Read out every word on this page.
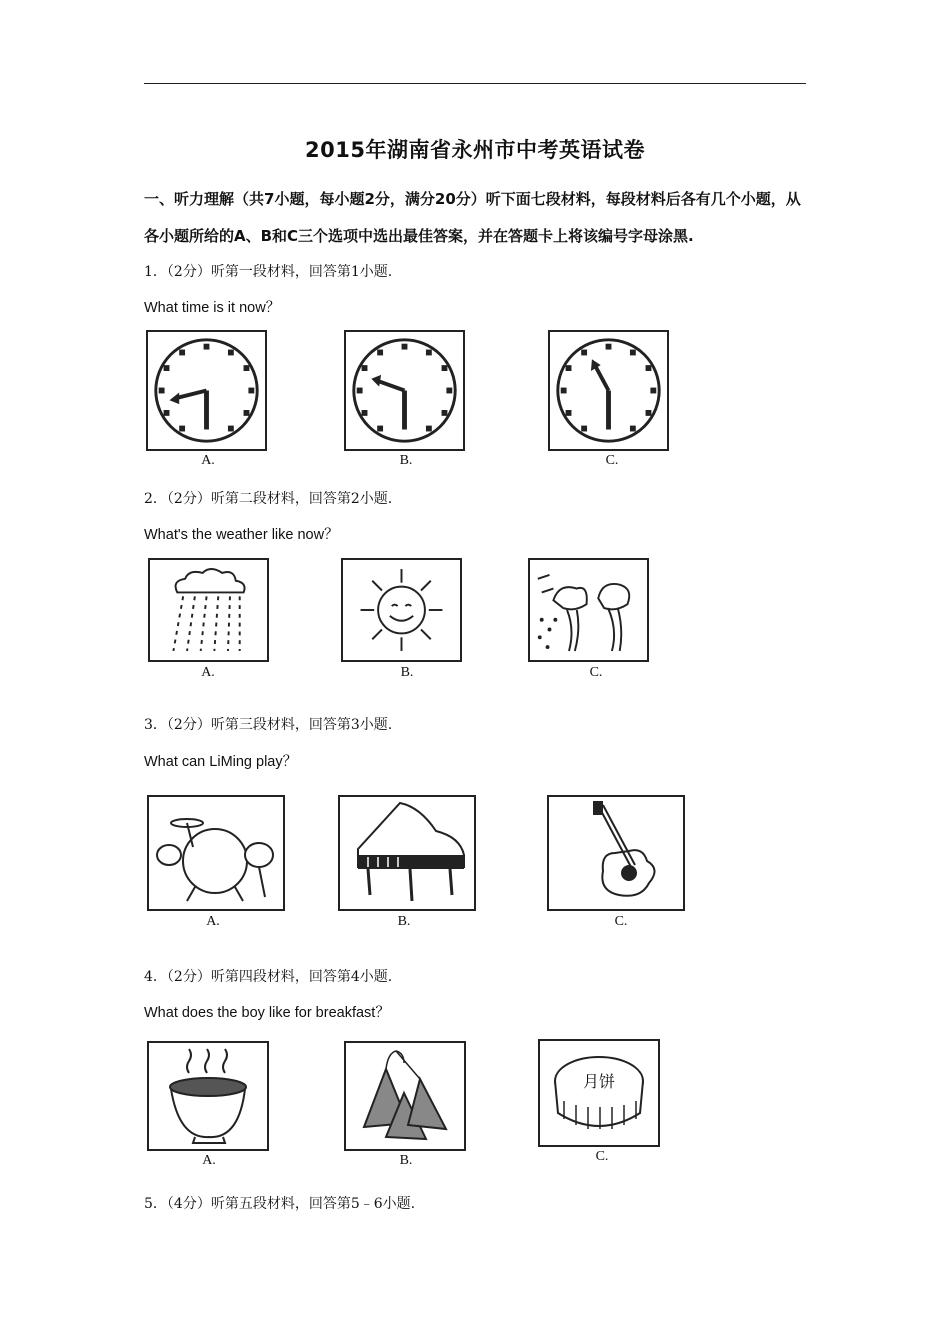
2015年湖南省永州市中考英语试卷
一、听力理解（共7小题，每小题2分，满分20分）听下面七段材料，每段材料后各有几个小题，从各小题所给的A、B和C三个选项中选出最佳答案，并在答题卡上将该编号字母涂黑.
1．（2分）听第一段材料，回答第1小题.
What time is it now？
A.	B.	C.
2．（2分）听第二段材料，回答第2小题.
What's the weather like now？
A.	B.	C.
3．（2分）听第三段材料，回答第3小题.
What can LiMing play？
A.	B.	C.
4．（2分）听第四段材料，回答第4小题.
What does the boy like for breakfast？
A.	B.
月饼
C.
5．（4分）听第五段材料，回答第5﹣6小题.
